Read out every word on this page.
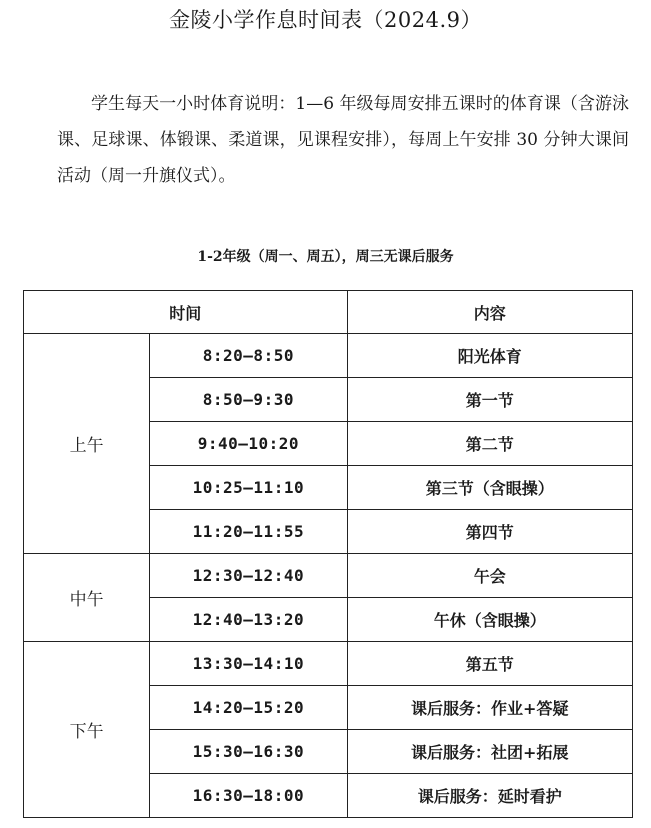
金陵小学作息时间表（2024.9）

学生每天一小时体育说明：1—6 年级每周安排五课时的体育课（含游泳课、足球课、体锻课、柔道课，见课程安排），每周上午安排 30 分钟大课间活动（周一升旗仪式）。

1-2年级（周一、周五），周三无课后服务
时间		内容
上午	8:20—8:50	阳光体育
	8:50—9:30	第一节
	9:40—10:20	第二节
	10:25—11:10	第三节（含眼操）
	11:20—11:55	第四节
中午	12:30—12:40	午会
	12:40—13:20	午休（含眼操）
下午	13:30—14:10	第五节
	14:20—15:20	课后服务：作业+答疑
	15:30—16:30	课后服务：社团+拓展
	16:30—18:00	课后服务：延时看护
